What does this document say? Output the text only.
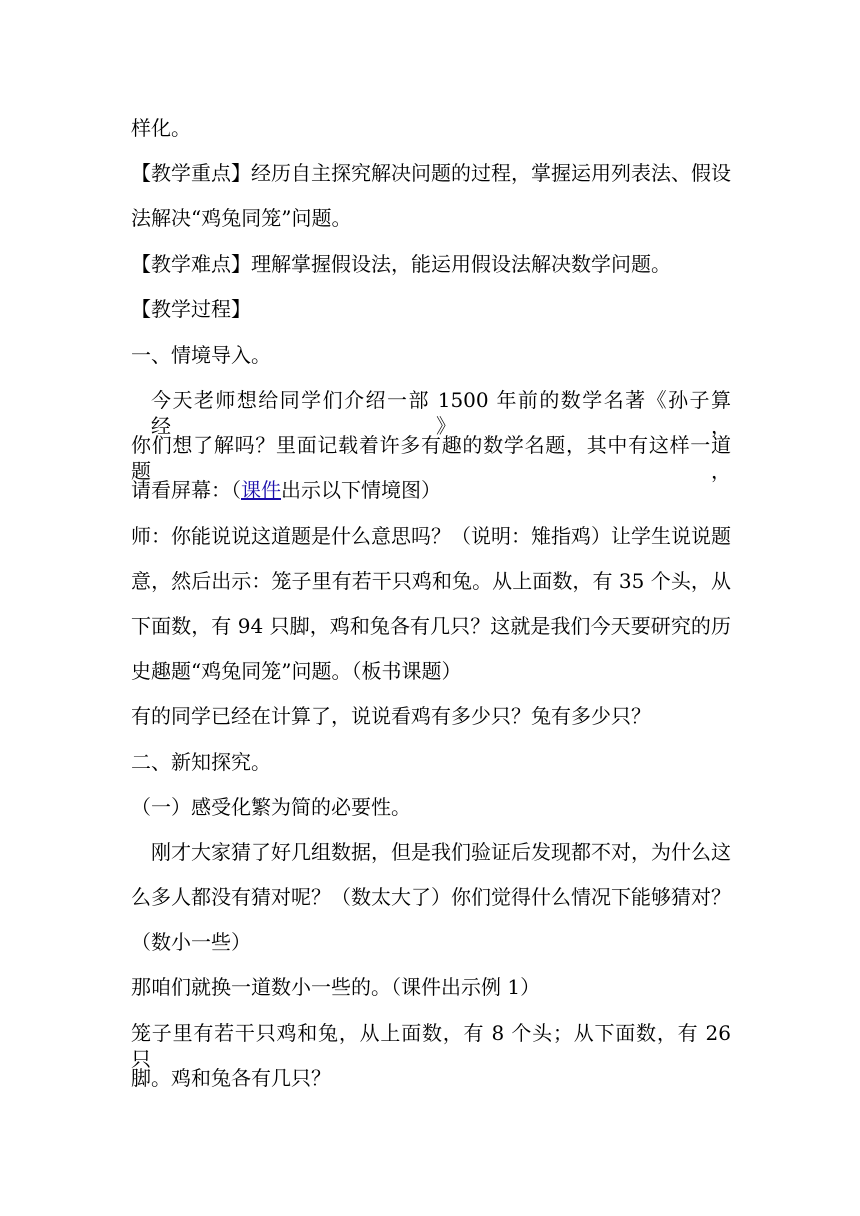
样化。
【教学重点】经历自主探究解决问题的过程，掌握运用列表法、假设
法解决“鸡兔同笼”问题。
【教学难点】理解掌握假设法，能运用假设法解决数学问题。
【教学过程】
一、情境导入。
今天老师想给同学们介绍一部 1500 年前的数学名著《孙子算经》，
你们想了解吗？里面记载着许多有趣的数学名题，其中有这样一道题，
请看屏幕：（课件出示以下情境图）
师：你能说说这道题是什么意思吗？（说明：雉指鸡）让学生说说题
意，然后出示：笼子里有若干只鸡和兔。从上面数，有 35 个头，从
下面数，有 94 只脚，鸡和兔各有几只？这就是我们今天要研究的历
史趣题“鸡兔同笼”问题。（板书课题）
有的同学已经在计算了，说说看鸡有多少只？兔有多少只？
二、新知探究。
（一）感受化繁为简的必要性。
刚才大家猜了好几组数据，但是我们验证后发现都不对，为什么这
么多人都没有猜对呢？（数太大了）你们觉得什么情况下能够猜对？
（数小一些）
那咱们就换一道数小一些的。（课件出示例 1）
笼子里有若干只鸡和兔，从上面数，有 8 个头；从下面数，有 26 只
脚。鸡和兔各有几只？
